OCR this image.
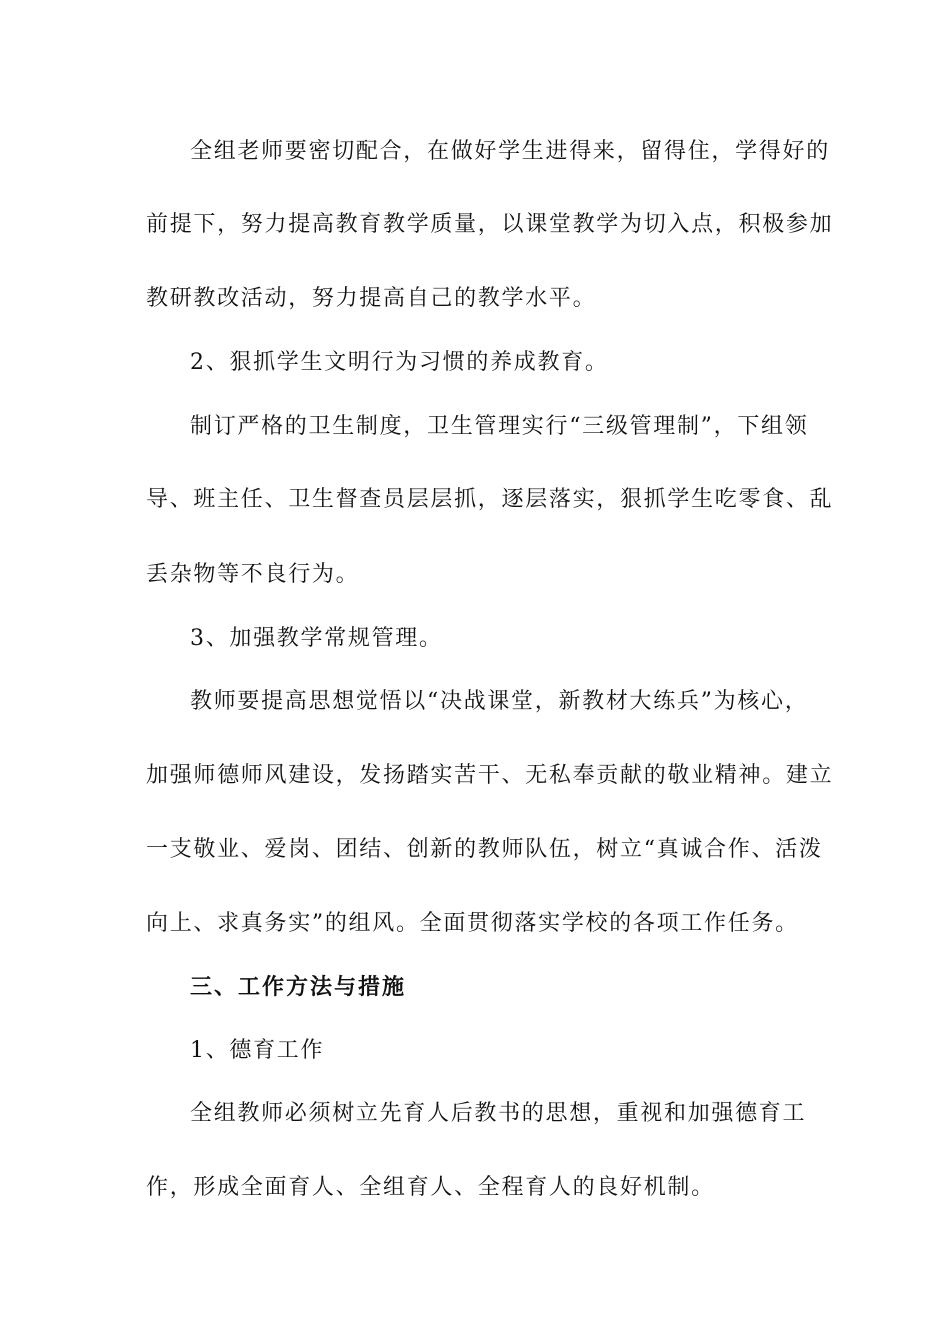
全组老师要密切配合，在做好学生进得来，留得住，学得好的
前提下，努力提高教育教学质量，以课堂教学为切入点，积极参加
教研教改活动，努力提高自己的教学水平。
2、狠抓学生文明行为习惯的养成教育。
制订严格的卫生制度，卫生管理实行“三级管理制”，下组领
导、班主任、卫生督查员层层抓，逐层落实，狠抓学生吃零食、乱
丢杂物等不良行为。
3、加强教学常规管理。
教师要提高思想觉悟以“决战课堂，新教材大练兵”为核心，
加强师德师风建设，发扬踏实苦干、无私奉贡献的敬业精神。建立
一支敬业、爱岗、团结、创新的教师队伍，树立“真诚合作、活泼
向上、求真务实”的组风。全面贯彻落实学校的各项工作任务。
三、工作方法与措施
1、德育工作
全组教师必须树立先育人后教书的思想，重视和加强德育工
作，形成全面育人、全组育人、全程育人的良好机制。
